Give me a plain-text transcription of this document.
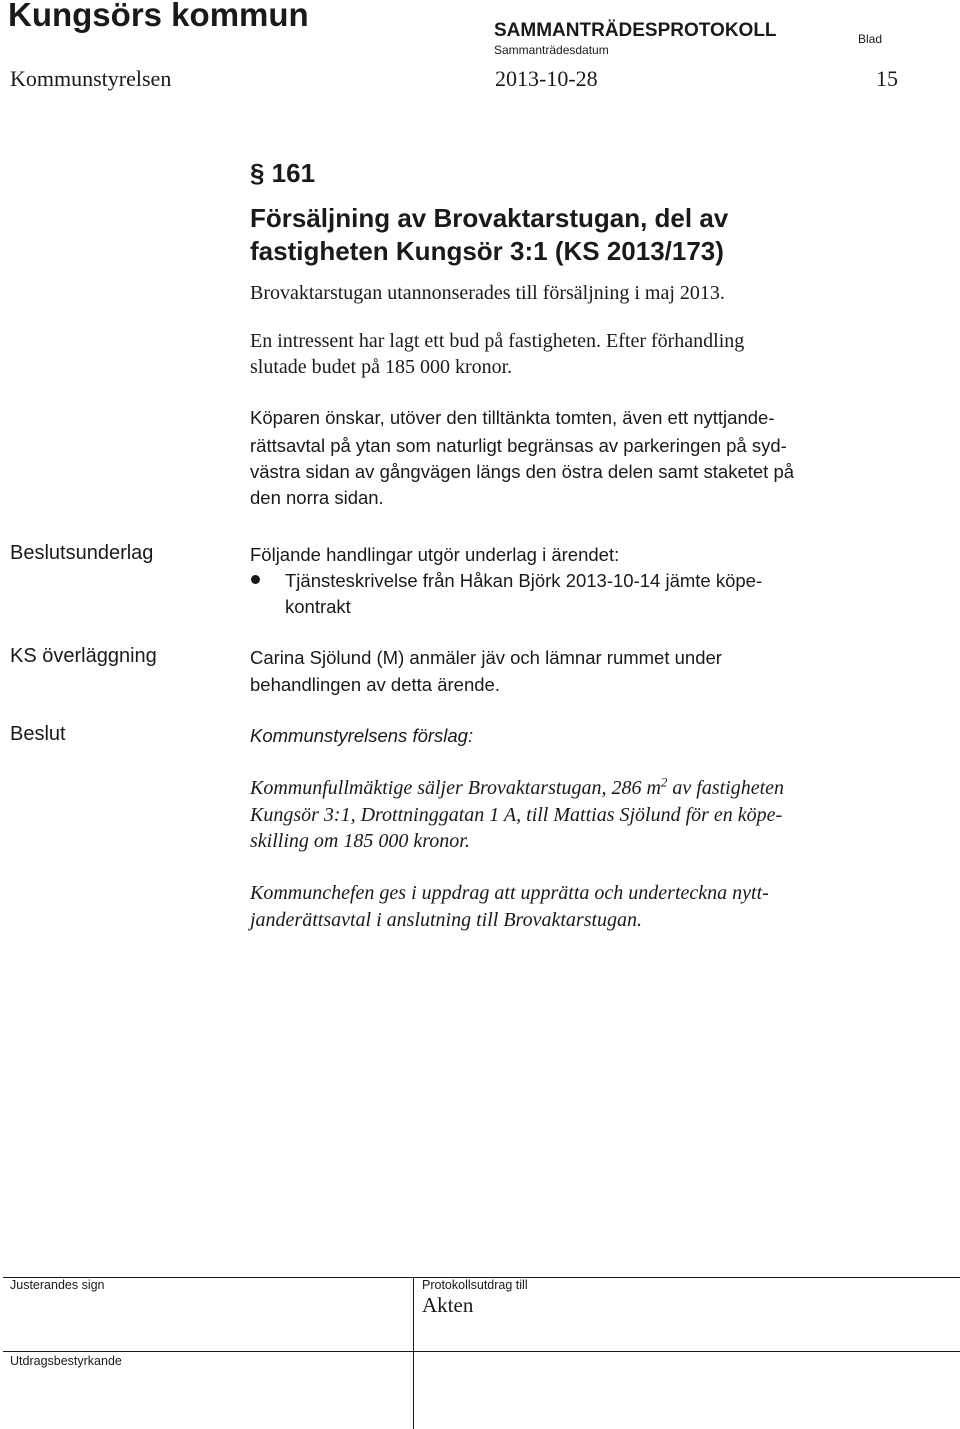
Kungsörs kommun	SAMMANTRÄDESPROTOKOLL
Sammanträdesdatum
Blad
Kommunstyrelsen	2013-10-28	15
§ 161
Försäljning av Brovaktarstugan, del av
fastigheten Kungsör 3:1 (KS 2013/173)
Brovaktarstugan utannonserades till försäljning i maj 2013.
En intressent har lagt ett bud på fastigheten. Efter förhandling
slutade budet på 185 000 kronor.
Köparen önskar, utöver den tilltänkta tomten, även ett nyttjande-
rättsavtal på ytan som naturligt begränsas av parkeringen på syd-
västra sidan av gångvägen längs den östra delen samt staketet på
den norra sidan.
Beslutsunderlag	Följande handlingar utgör underlag i ärendet:
Tjänsteskrivelse från Håkan Björk 2013-10-14 jämte köpe-
kontrakt
KS överläggning	Carina Sjölund (M) anmäler jäv och lämnar rummet under
behandlingen av detta ärende.
Beslut	Kommunstyrelsens förslag:
Kommunfullmäktige säljer Brovaktarstugan, 286 $m^2$ av fastigheten
Kungsör 3:1, Drottninggatan 1 A, till Mattias Sjölund för en köpe-
skilling om 185 000 kronor.
Kommunchefen ges i uppdrag att upprätta och underteckna nytt-
janderättsavtal i anslutning till Brovaktarstugan.
Justerandes sign	Protokollsutdrag till
Akten
Utdragsbestyrkande
